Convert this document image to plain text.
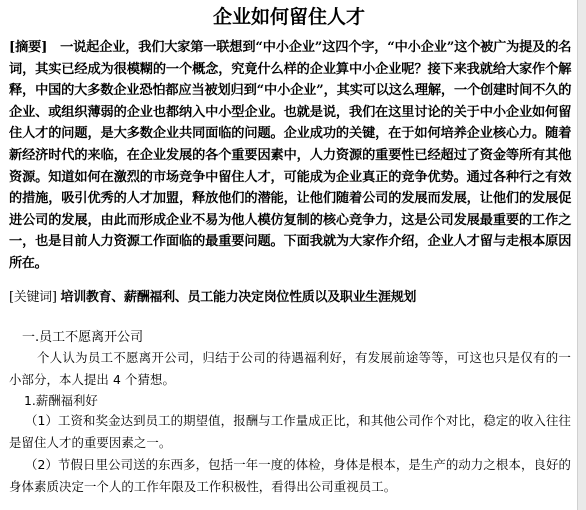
企业如何留住人才
[摘要]　一说起企业，我们大家第一联想到“中小企业”这四个字，“中小企业”这个被广为提及的名词，其实已经成为很模糊的一个概念，究竟什么样的企业算中小企业呢？接下来我就给大家作个解释，中国的大多数企业恐怕都应当被划归到“中小企业”，其实可以这么理解，一个创建时间不久的企业、或组织薄弱的企业也都纳入中小型企业。也就是说，我们在这里讨论的关于中小企业如何留住人才的问题，是大多数企业共同面临的问题。企业成功的关键，在于如何培养企业核心力。随着新经济时代的来临，在企业发展的各个重要因素中，人力资源的重要性已经超过了资金等所有其他资源。知道如何在激烈的市场竞争中留住人才，可能成为企业真正的竞争优势。通过各种行之有效的措施，吸引优秀的人才加盟，释放他们的潜能，让他们随着公司的发展而发展，让他们的发展促进公司的发展，由此而形成企业不易为他人模仿复制的核心竞争力，这是公司发展最重要的工作之一，也是目前人力资源工作面临的最重要问题。下面我就为大家作介绍，企业人才留与走根本原因所在。
[关键词] 培训教育、薪酬福利、员工能力决定岗位性质以及职业生涯规划
一.员工不愿离开公司
个人认为员工不愿离开公司，归结于公司的待遇福利好，有发展前途等等，可这也只是仅有的一小部分，本人提出 4 个猜想。
1.薪酬福利好
（1）工资和奖金达到员工的期望值，报酬与工作量成正比，和其他公司作个对比，稳定的收入往往是留住人才的重要因素之一。
（2）节假日里公司送的东西多，包括一年一度的体检，身体是根本，是生产的动力之根本，良好的身体素质决定一个人的工作年限及工作积极性，看得出公司重视员工。
